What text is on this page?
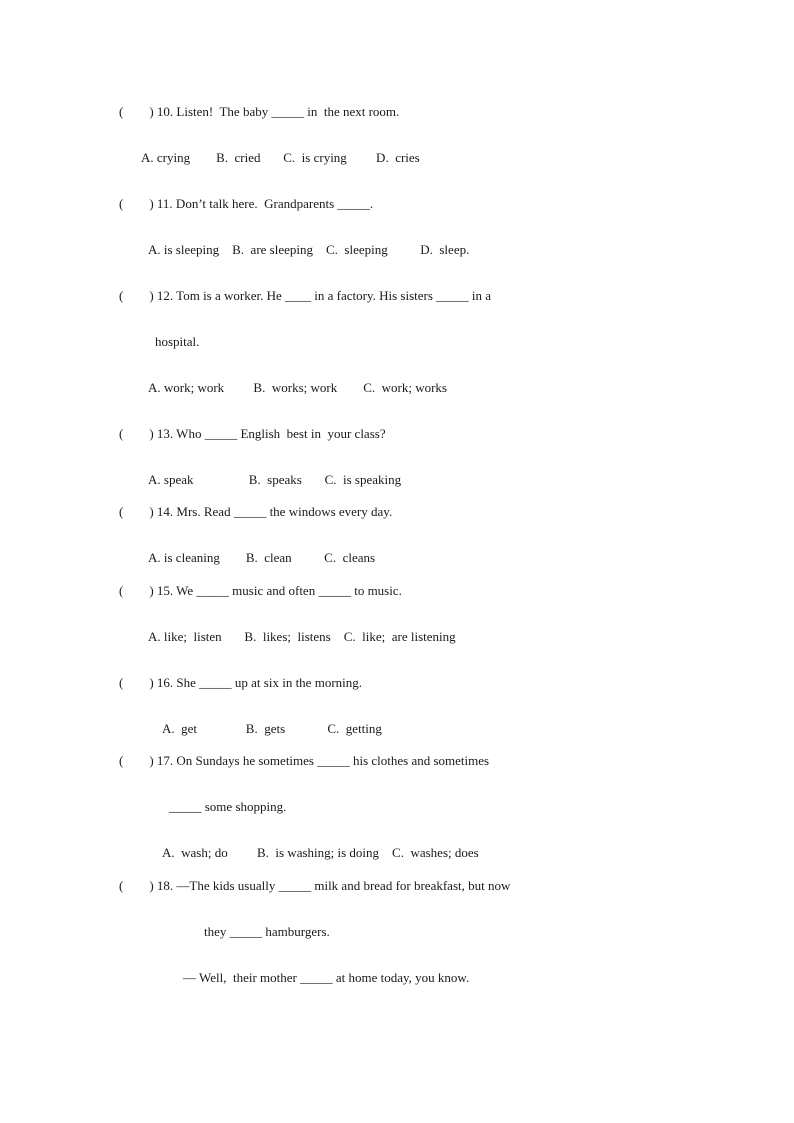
(        ) 10. Listen!  The baby _____ in  the next room.
A. crying        B.  cried       C.  is crying         D.  cries
(        ) 11. Don’t talk here.  Grandparents _____.
A. is sleeping    B.  are sleeping    C.  sleeping          D.  sleep.
(        ) 12. Tom is a worker. He ____ in a factory. His sisters _____ in a
hospital.
A. work; work         B.  works; work        C.  work; works
(        ) 13. Who _____ English  best in  your class?
A. speak                 B.  speaks       C.  is speaking
(        ) 14. Mrs. Read _____ the windows every day.
A. is cleaning        B.  clean          C.  cleans
(        ) 15. We _____ music and often _____ to music.
A. like;  listen       B.  likes;  listens    C.  like;  are listening
(        ) 16. She _____ up at six in the morning.
A.  get               B.  gets             C.  getting
(        ) 17. On Sundays he sometimes _____ his clothes and sometimes
_____ some shopping.
A.  wash; do         B.  is washing; is doing    C.  washes; does
(        ) 18. —The kids usually _____ milk and bread for breakfast, but now
they _____ hamburgers.
— Well,  their mother _____ at home today, you know.
